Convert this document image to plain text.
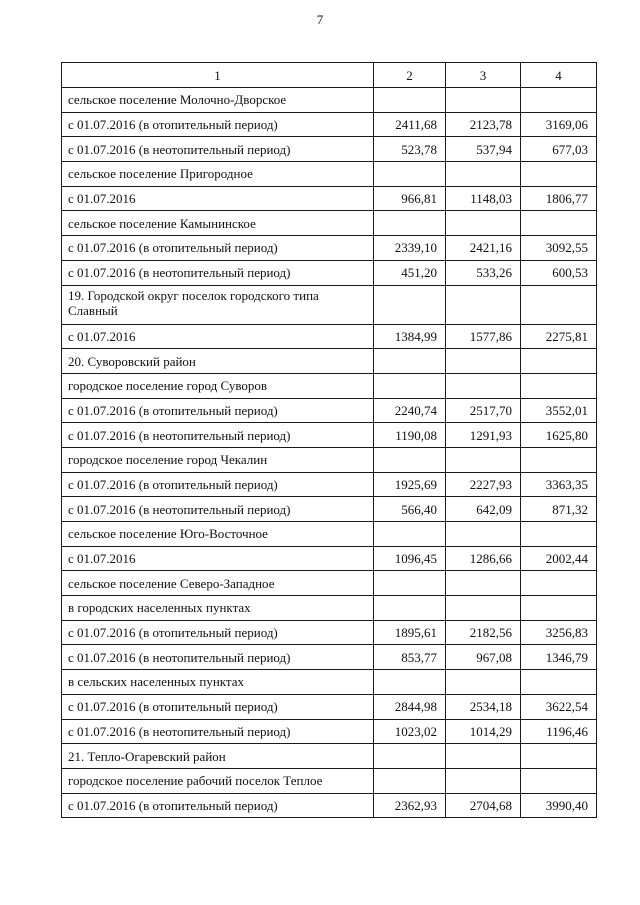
7
1	2	3	4
сельское поселение Молочно-Дворское			
с 01.07.2016 (в отопительный период)	2411,68	2123,78	3169,06
с 01.07.2016 (в неотопительный период)	523,78	537,94	677,03
сельское поселение Пригородное			
с 01.07.2016	966,81	1148,03	1806,77
сельское поселение Камынинское			
с 01.07.2016 (в отопительный период)	2339,10	2421,16	3092,55
с 01.07.2016 (в неотопительный период)	451,20	533,26	600,53
19. Городской округ поселок городского типа Славный			
с 01.07.2016	1384,99	1577,86	2275,81
20. Суворовский район			
городское поселение город Суворов			
с 01.07.2016 (в отопительный период)	2240,74	2517,70	3552,01
с 01.07.2016 (в неотопительный период)	1190,08	1291,93	1625,80
городское поселение город Чекалин			
с 01.07.2016 (в отопительный период)	1925,69	2227,93	3363,35
с 01.07.2016 (в неотопительный период)	566,40	642,09	871,32
сельское поселение Юго-Восточное			
с 01.07.2016	1096,45	1286,66	2002,44
сельское поселение Северо-Западное			
в городских населенных пунктах			
с 01.07.2016 (в отопительный период)	1895,61	2182,56	3256,83
с 01.07.2016 (в неотопительный период)	853,77	967,08	1346,79
в сельских населенных пунктах			
с 01.07.2016 (в отопительный период)	2844,98	2534,18	3622,54
с 01.07.2016 (в неотопительный период)	1023,02	1014,29	1196,46
21. Тепло-Огаревский район			
городское поселение рабочий поселок Теплое			
с 01.07.2016 (в отопительный период)	2362,93	2704,68	3990,40
